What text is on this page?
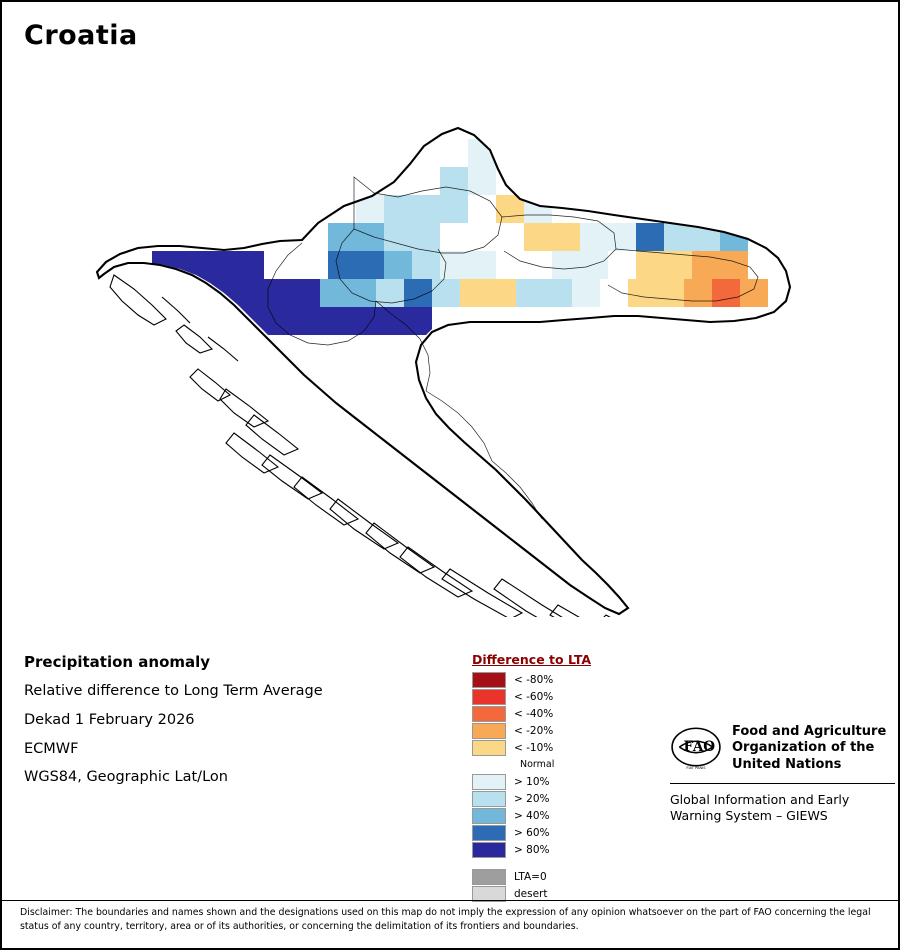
Croatia
Precipitation anomaly
Relative difference to Long Term Average
Dekad 1 February 2026
ECMWF
WGS84, Geographic Lat/Lon
Difference to LTA
< -80%
< -60%
< -40%
< -20%
< -10%
Normal
> 10%
> 20%
> 40%
> 60%
> 80%
LTA=0
desert
F A O
FIAT PANIS
Food and Agriculture
Organization of the
United Nations
Global Information and Early
Warning System – GIEWS
Disclaimer: The boundaries and names shown and the designations used on this map do not imply the expression of any opinion whatsoever on the part of FAO concerning the legal status of any country, territory, area or of its authorities, or concerning the delimitation of its frontiers and boundaries.
